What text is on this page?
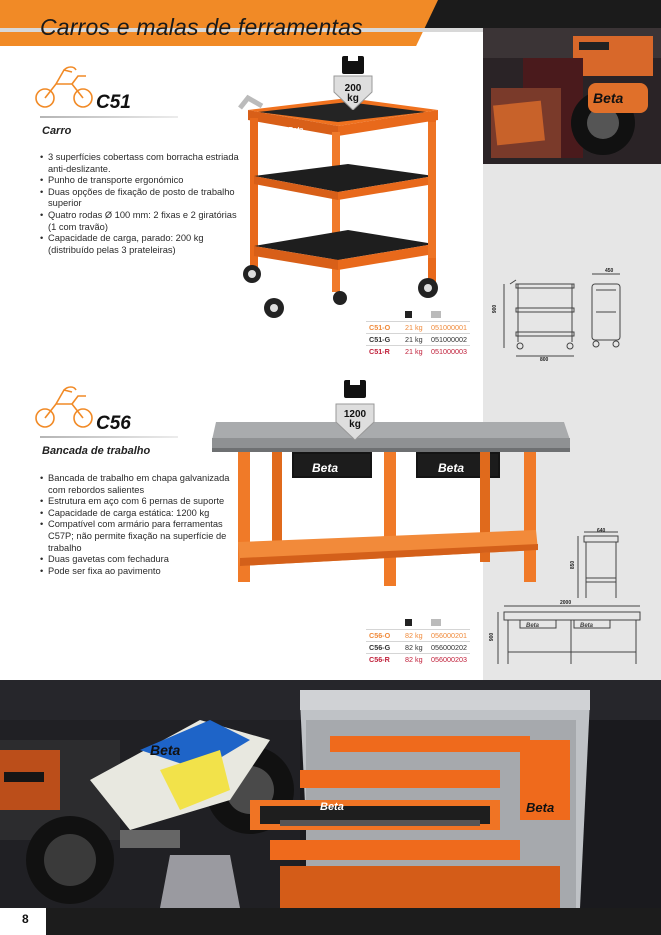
Carros e malas de ferramentas
Beta
C51
Carro
• 3 superfícies cobertass com borracha estriada anti-deslizante.
• Punho de transporte ergonómico
• Duas opções de fixação de posto de trabalho superior
• Quatro rodas Ø 100 mm: 2 fixas e 2 giratórias (1 com travão)
• Capacidade de carga, parado: 200 kg (distribuído pelas 3 prateleiras)
Beta
200
kg
900
800
450

C51-O	21 kg	051000001
C51-G	21 kg	051000002
C51-R	21 kg	051000003
C56
Bancada de trabalho
Beta	Beta
• Bancada de trabalho em chapa galvanizada com rebordos salientes
• Estrutura em aço com 6 pernas de suporte
• Capacidade de carga estática: 1200 kg
• Compatível com armário para ferramentas C57P; não permite fixação na superfície de trabalho
• Duas gavetas com fechadura
• Pode ser fixa ao pavimento
1200
kg
640
850
Beta	Beta
2000
900

C56-O	82 kg	056000201
C56-G	82 kg	056000202
C56-R	82 kg	056000203
Beta
Beta
Beta
8
